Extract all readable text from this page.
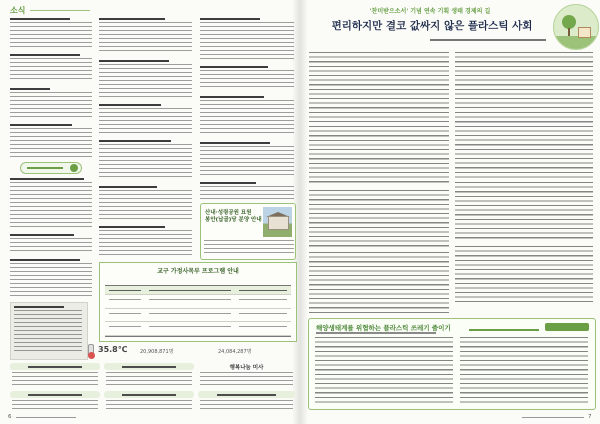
소식
산내·성령공원 묘원
봉안(납골)당 분양 안내
교구 가정사목부 프로그램 안내
35.8℃	20,908,871명	24,084,287명
행복나눔 미사
6
'찬미받으소서' 기념 연속 기획 생태 경제의 길
편리하지만 결코 값싸지 않은 플라스틱 사회
해양생태계를 위협하는 플라스틱 쓰레기 줄이기
7
